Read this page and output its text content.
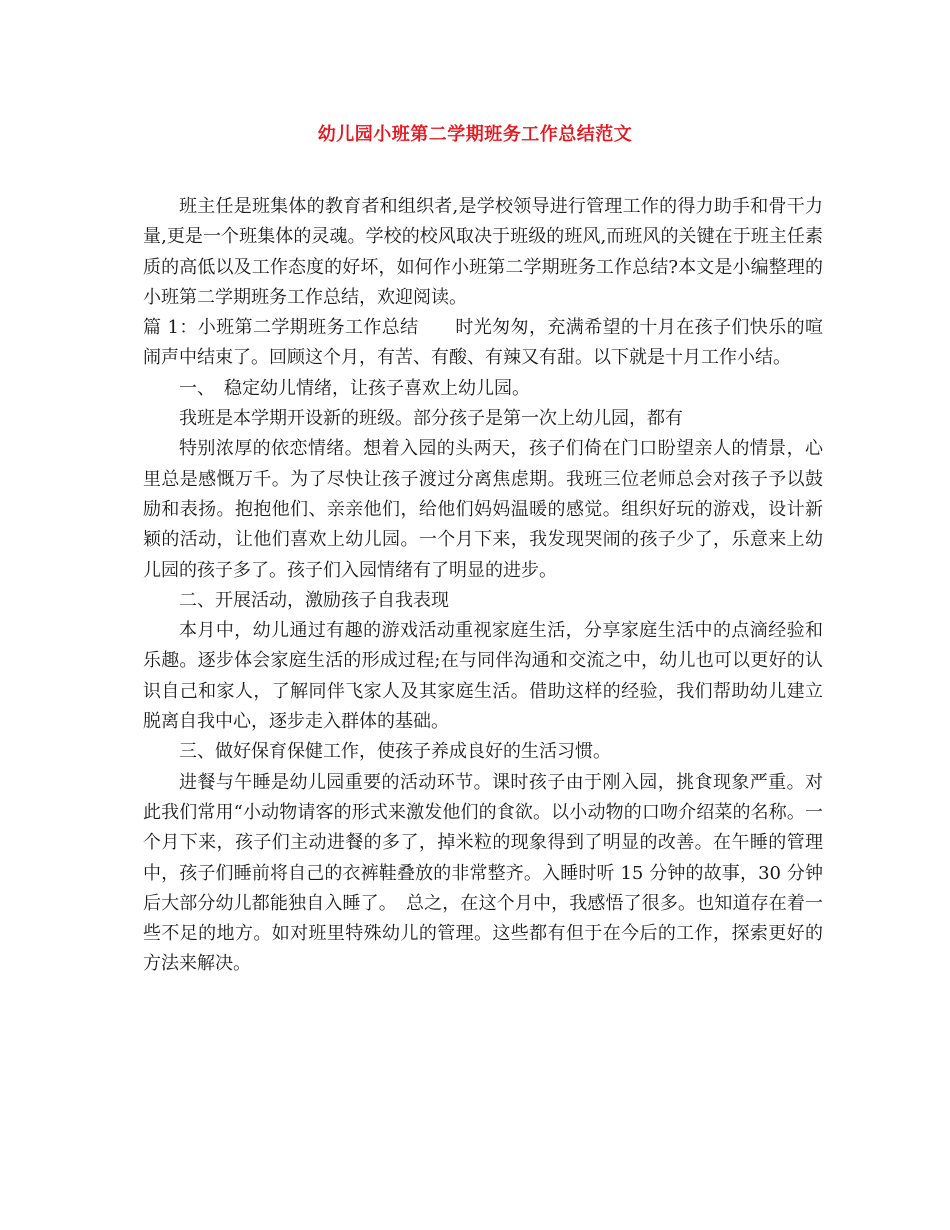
幼儿园小班第二学期班务工作总结范文

班主任是班集体的教育者和组织者,是学校领导进行管理工作的得力助手和骨干力量,更是一个班集体的灵魂。学校的校风取决于班级的班风,而班风的关键在于班主任素质的高低以及工作态度的好坏，如何作小班第二学期班务工作总结?本文是小编整理的小班第二学期班务工作总结，欢迎阅读。

篇 1：小班第二学期班务工作总结　　时光匆匆，充满希望的十月在孩子们快乐的喧闹声中结束了。回顾这个月，有苦、有酸、有辣又有甜。以下就是十月工作小结。

一、　稳定幼儿情绪，让孩子喜欢上幼儿园。

我班是本学期开设新的班级。部分孩子是第一次上幼儿园，都有

特别浓厚的依恋情绪。想着入园的头两天，孩子们倚在门口盼望亲人的情景，心里总是感慨万千。为了尽快让孩子渡过分离焦虑期。我班三位老师总会对孩子予以鼓励和表扬。抱抱他们、亲亲他们，给他们妈妈温暖的感觉。组织好玩的游戏，设计新颖的活动，让他们喜欢上幼儿园。一个月下来，我发现哭闹的孩子少了，乐意来上幼儿园的孩子多了。孩子们入园情绪有了明显的进步。

二、开展活动，激励孩子自我表现

本月中，幼儿通过有趣的游戏活动重视家庭生活，分享家庭生活中的点滴经验和乐趣。逐步体会家庭生活的形成过程;在与同伴沟通和交流之中，幼儿也可以更好的认识自己和家人，了解同伴飞家人及其家庭生活。借助这样的经验，我们帮助幼儿建立脱离自我中心，逐步走入群体的基础。

三、做好保育保健工作，使孩子养成良好的生活习惯。

进餐与午睡是幼儿园重要的活动环节。课时孩子由于刚入园，挑食现象严重。对此我们常用“小动物请客的形式来激发他们的食欲。以小动物的口吻介绍菜的名称。一个月下来，孩子们主动进餐的多了，掉米粒的现象得到了明显的改善。在午睡的管理中，孩子们睡前将自己的衣裤鞋叠放的非常整齐。入睡时听 15 分钟的故事，30 分钟后大部分幼儿都能独自入睡了。　总之，在这个月中，我感悟了很多。也知道存在着一些不足的地方。如对班里特殊幼儿的管理。这些都有但于在今后的工作，探索更好的方法来解决。
